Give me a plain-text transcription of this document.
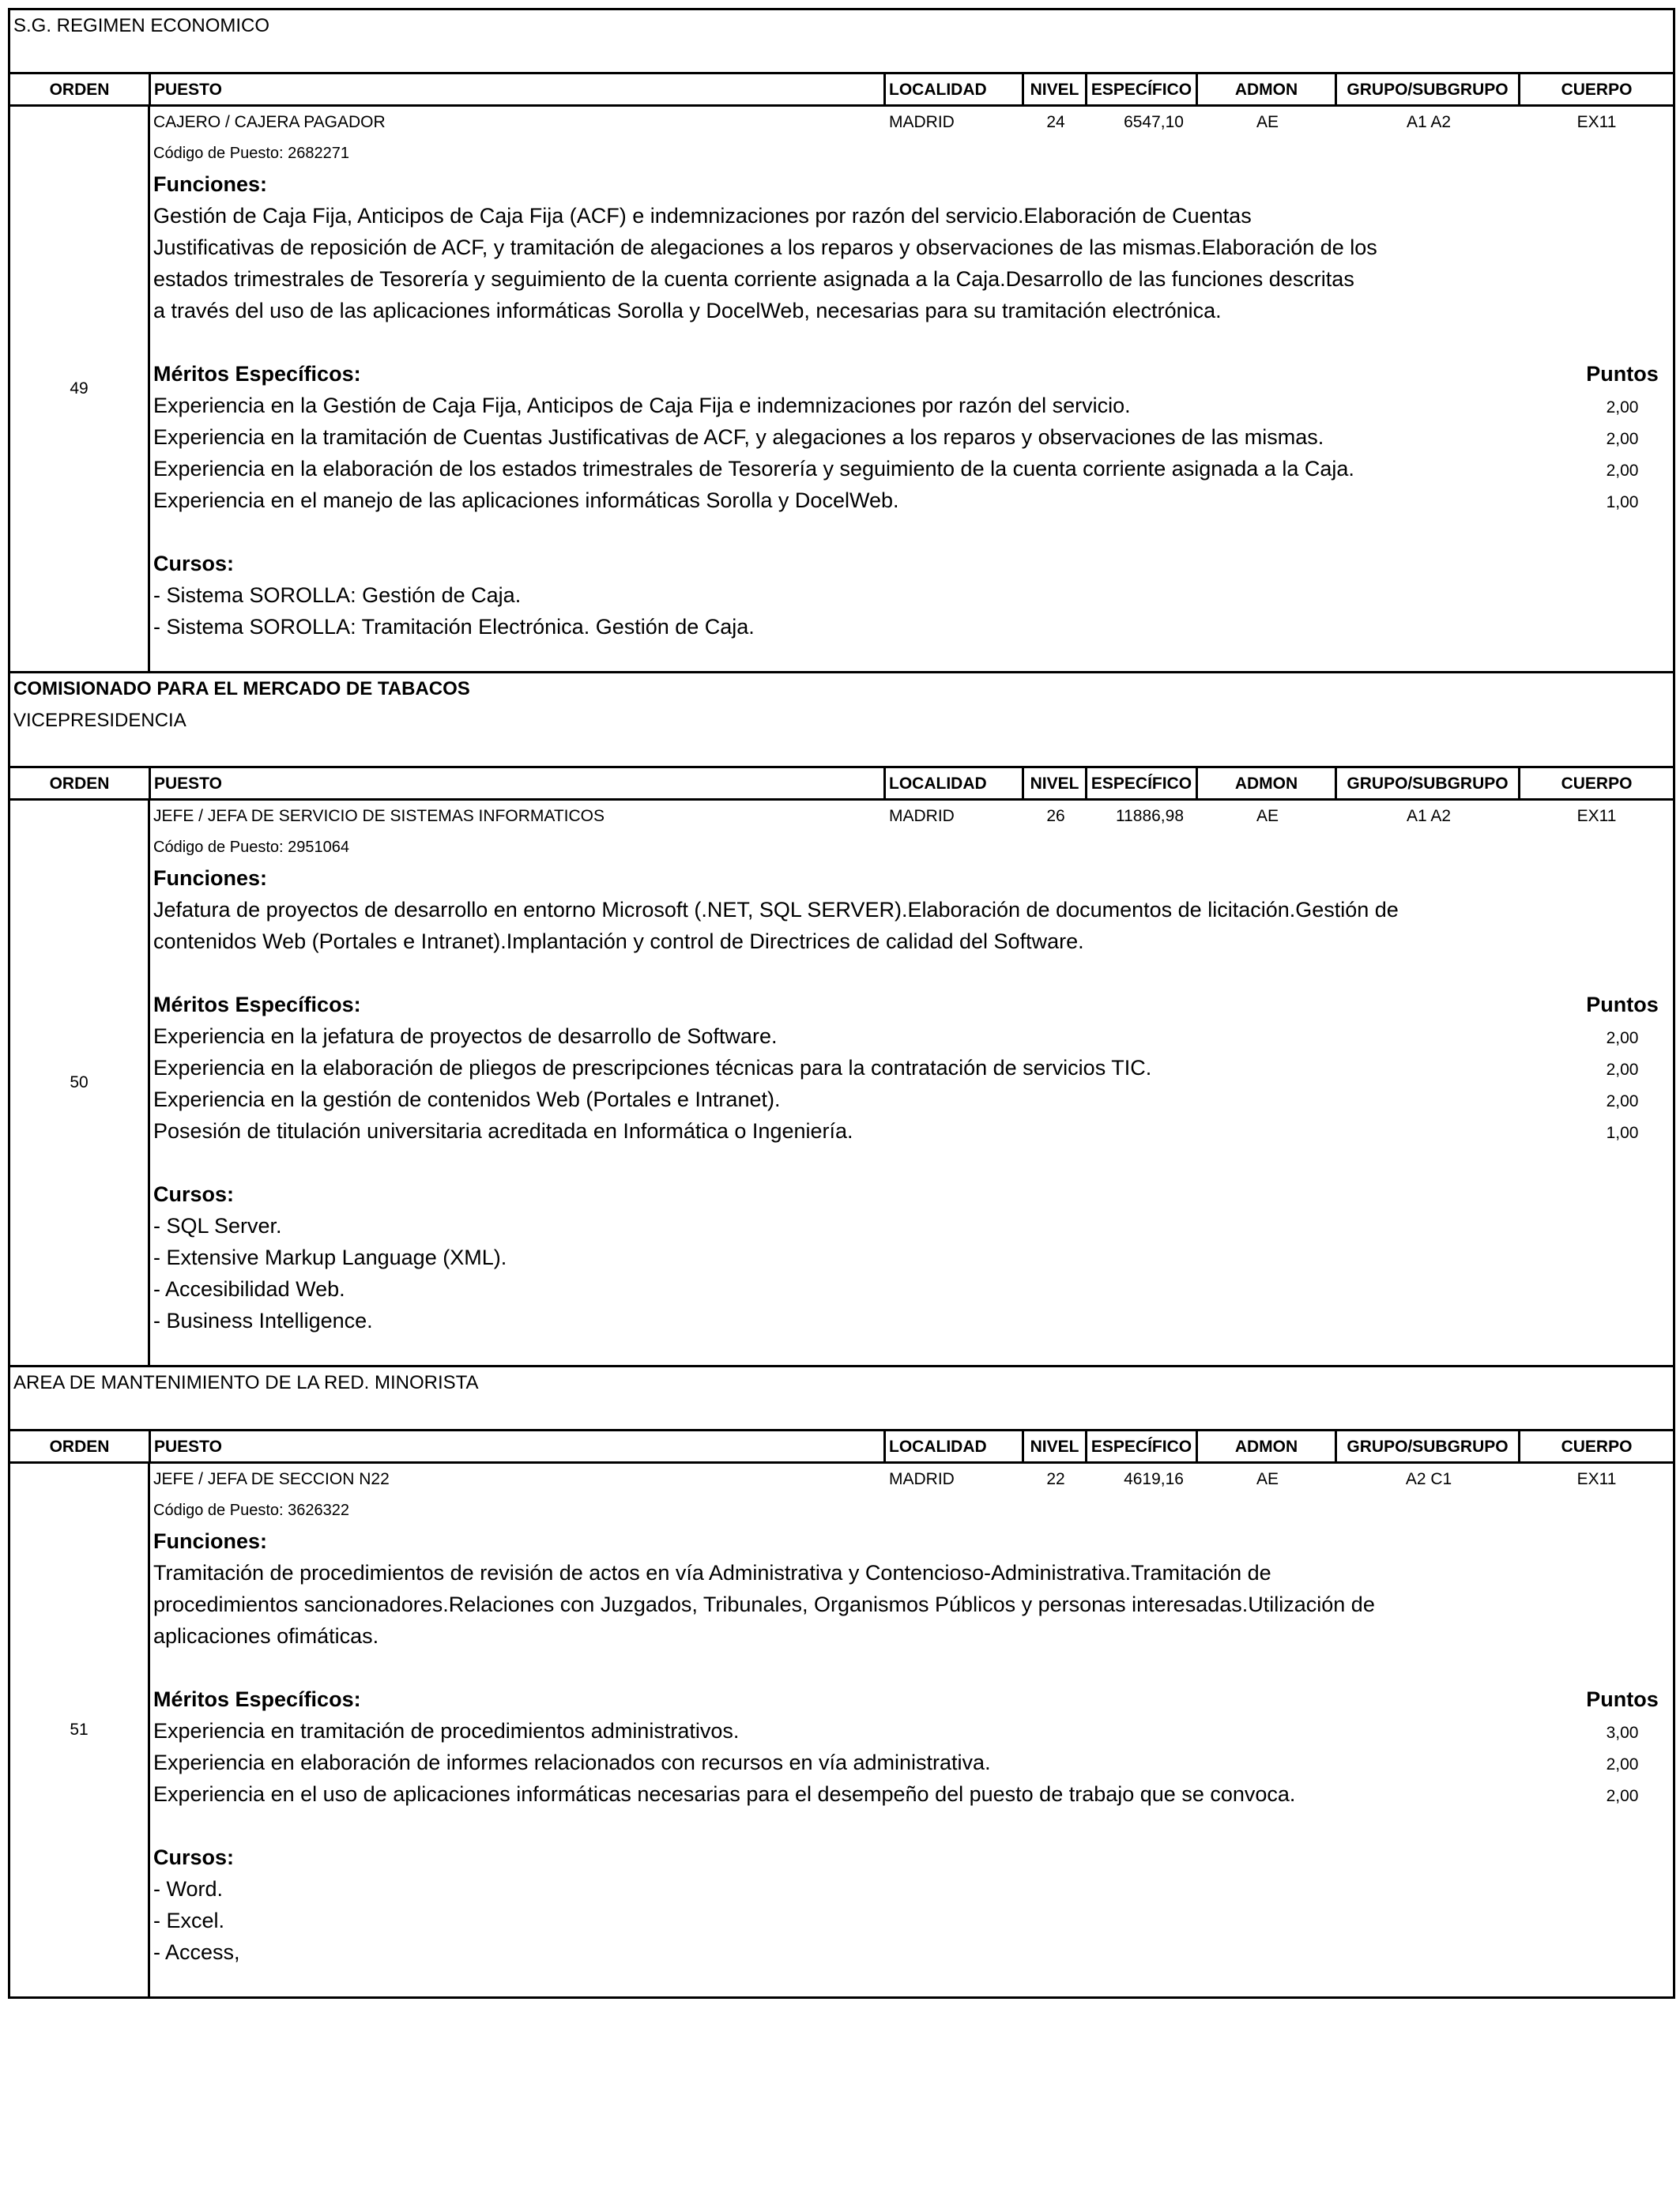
S.G. REGIMEN ECONOMICO
ORDEN	PUESTO	LOCALIDAD	NIVEL ESPECÍFICO	ADMON	GRUPO/SUBGRUPO	CUERPO
49
CAJERO / CAJERA PAGADOR	MADRID	24	6547,10	AE	A1 A2	EX11
Código de Puesto: 2682271
Funciones:
Gestión de Caja Fija, Anticipos de Caja Fija (ACF) e indemnizaciones por razón del servicio.Elaboración de Cuentas
Justificativas de reposición de ACF, y tramitación de alegaciones a los reparos y observaciones de las mismas.Elaboración de los
estados trimestrales de Tesorería y seguimiento de la cuenta corriente asignada a la Caja.Desarrollo de las funciones descritas
a través del uso de las aplicaciones informáticas Sorolla y DocelWeb, necesarias para su tramitación electrónica.
Méritos Específicos:	Puntos
Experiencia en la Gestión de Caja Fija, Anticipos de Caja Fija e indemnizaciones por razón del servicio.	2,00
Experiencia en la tramitación de Cuentas Justificativas de ACF, y alegaciones a los reparos y observaciones de las mismas.	2,00
Experiencia en la elaboración de los estados trimestrales de Tesorería y seguimiento de la cuenta corriente asignada a la Caja.	2,00
Experiencia en el manejo de las aplicaciones informáticas Sorolla y DocelWeb.	1,00
Cursos:
- Sistema SOROLLA: Gestión de Caja.
- Sistema SOROLLA: Tramitación Electrónica. Gestión de Caja.
COMISIONADO PARA EL MERCADO DE TABACOS
VICEPRESIDENCIA
ORDEN	PUESTO	LOCALIDAD	NIVEL ESPECÍFICO	ADMON	GRUPO/SUBGRUPO	CUERPO
50
JEFE / JEFA DE SERVICIO DE SISTEMAS INFORMATICOS	MADRID	26	11886,98	AE	A1 A2	EX11
Código de Puesto: 2951064
Funciones:
Jefatura de proyectos de desarrollo en entorno Microsoft (.NET, SQL SERVER).Elaboración de documentos de licitación.Gestión de
contenidos Web (Portales e Intranet).Implantación y control de Directrices de calidad del Software.
Méritos Específicos:	Puntos
Experiencia en la jefatura de proyectos de desarrollo de Software.	2,00
Experiencia en la elaboración de pliegos de prescripciones técnicas para la contratación de servicios TIC.	2,00
Experiencia en la gestión de contenidos Web (Portales e Intranet).	2,00
Posesión de titulación universitaria acreditada en Informática o Ingeniería.	1,00
Cursos:
- SQL Server.
- Extensive Markup Language (XML).
- Accesibilidad Web.
- Business Intelligence.
AREA DE MANTENIMIENTO DE LA RED. MINORISTA
ORDEN	PUESTO	LOCALIDAD	NIVEL ESPECÍFICO	ADMON	GRUPO/SUBGRUPO	CUERPO
51
JEFE / JEFA DE SECCION N22	MADRID	22	4619,16	AE	A2 C1	EX11
Código de Puesto: 3626322
Funciones:
Tramitación de procedimientos de revisión de actos en vía Administrativa y Contencioso-Administrativa.Tramitación de
procedimientos sancionadores.Relaciones con Juzgados, Tribunales, Organismos Públicos y personas interesadas.Utilización de
aplicaciones ofimáticas.
Méritos Específicos:	Puntos
Experiencia en tramitación de procedimientos administrativos.	3,00
Experiencia en elaboración de informes relacionados con recursos en vía administrativa.	2,00
Experiencia en el uso de aplicaciones informáticas necesarias para el desempeño del puesto de trabajo que se convoca.	2,00
Cursos:
- Word.
- Excel.
- Access,
